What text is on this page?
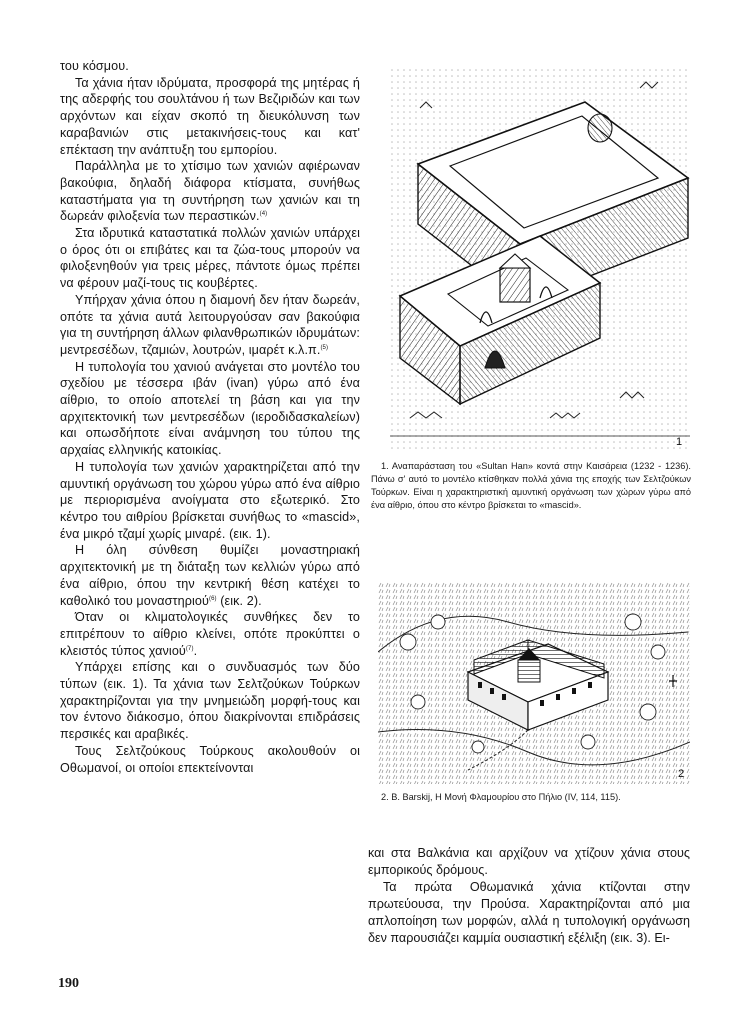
του κόσμου.

Τα χάνια ήταν ιδρύματα, προσφορά της μητέρας ή της αδερφής του σουλτάνου ή των Βεζιριδών και των αρχόντων και είχαν σκοπό τη διευκόλυνση των καραβανιών στις μετακινήσεις-τους και κατ' επέκταση την ανάπτυξη του εμπορίου.

Παράλληλα με το χτίσιμο των χανιών αφιέρωναν βακούφια, δηλαδή διάφορα κτίσματα, συνήθως καταστήματα για τη συντήρηση των χανιών και τη δωρεάν φιλοξενία των περαστικών.$^{(4)}$

Στα ιδρυτικά καταστατικά πολλών χανιών υπάρχει ο όρος ότι οι επιβάτες και τα ζώα-τους μπορούν να φιλοξενηθούν για τρεις μέρες, πάντοτε όμως πρέπει να φέρουν μαζί-τους τις κουβέρτες.

Υπήρχαν χάνια όπου η διαμονή δεν ήταν δωρεάν, οπότε τα χάνια αυτά λειτουργούσαν σαν βακούφια για τη συντήρηση άλλων φιλανθρωπικών ιδρυμάτων: μεντρεσέδων, τζαμιών, λουτρών, ιμαρέτ κ.λ.π.$^{(5)}$

Η τυπολογία του χανιού ανάγεται στο μοντέλο του σχεδίου με τέσσερα ιβάν (ivan) γύρω από ένα αίθριο, το οποίο αποτελεί τη βάση και για την αρχιτεκτονική των μεντρεσέδων (ιεροδιδασκαλείων) και οπωσδήποτε είναι ανάμνηση του τύπου της αρχαίας ελληνικής κατοικίας.

Η τυπολογία των χανιών χαρακτηρίζεται από την αμυντική οργάνωση του χώρου γύρω από ένα αίθριο με περιορισμένα ανοίγματα στο εξωτερικό. Στο κέντρο του αιθρίου βρίσκεται συνήθως το «mascid», ένα μικρό τζαμί χωρίς μιναρέ. (εικ. 1).

Η όλη σύνθεση θυμίζει μοναστηριακή αρχιτεκτονική με τη διάταξη των κελλιών γύρω από ένα αίθριο, όπου την κεντρική θέση κατέχει το καθολικό του μοναστηριού$^{(6)}$ (εικ. 2).

Όταν οι κλιματολογικές συνθήκες δεν το επιτρέπουν το αίθριο κλείνει, οπότε προκύπτει ο κλειστός τύπος χανιού$^{(7)}$.

Υπάρχει επίσης και ο συνδυασμός των δύο τύπων (εικ. 1). Τα χάνια των Σελτζούκων Τούρκων χαρακτηρίζονται για την μνημειώδη μορφή-τους και τον έντονο διάκοσμο, όπου διακρίνονται επιδράσεις περσικές και αραβικές.

Τους Σελτζούκους Τούρκους ακολουθούν οι Οθωμανοί, οι οποίοι επεκτείνονται

1

1. Αναπαράσταση του «Sultan Han» κοντά στην Καισάρεια (1232 - 1236). Πάνω σ' αυτό το μοντέλο κτίσθηκαν πολλά χάνια της εποχής των Σελτζούκων Τούρκων. Είναι η χαρακτηριστική αμυντική οργάνωση των χώρων γύρω από ένα αίθριο, όπου στο κέντρο βρίσκεται το «mascid».

2

2. Β. Barskij, Η Μονή Φλαμουρίου στο Πήλιο (IV, 114, 115).

και στα Βαλκάνια και αρχίζουν να χτίζουν χάνια στους εμπορικούς δρόμους.

Τα πρώτα Οθωμανικά χάνια κτίζονται στην πρωτεύουσα, την Προύσα. Χαρακτηρίζονται από μια απλοποίηση των μορφών, αλλά η τυπολογική οργάνωση δεν παρουσιάζει καμμία ουσιαστική εξέλιξη (εικ. 3). Ει-

190
